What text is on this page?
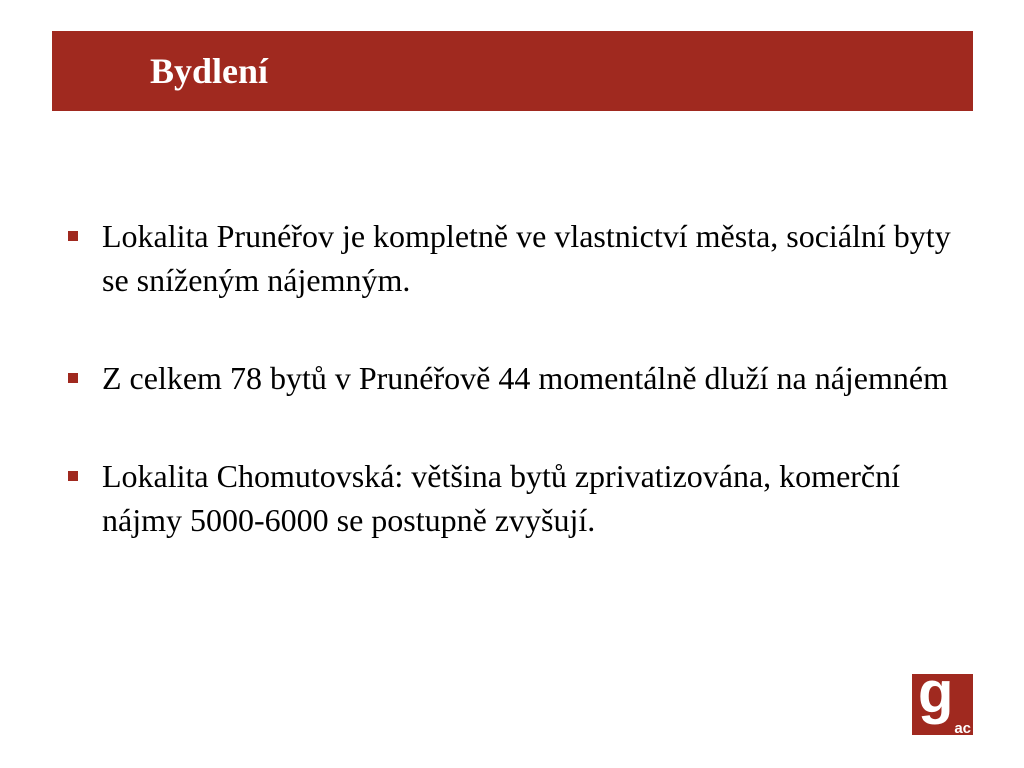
Bydlení
Lokalita Prunéřov je kompletně ve vlastnictví města, sociální byty se sníženým nájemným.
Z celkem 78 bytů v Prunéřově 44 momentálně dluží na nájemném
Lokalita Chomutovská: většina bytů zprivatizována, komerční nájmy 5000-6000 se postupně zvyšují.
g
ac
